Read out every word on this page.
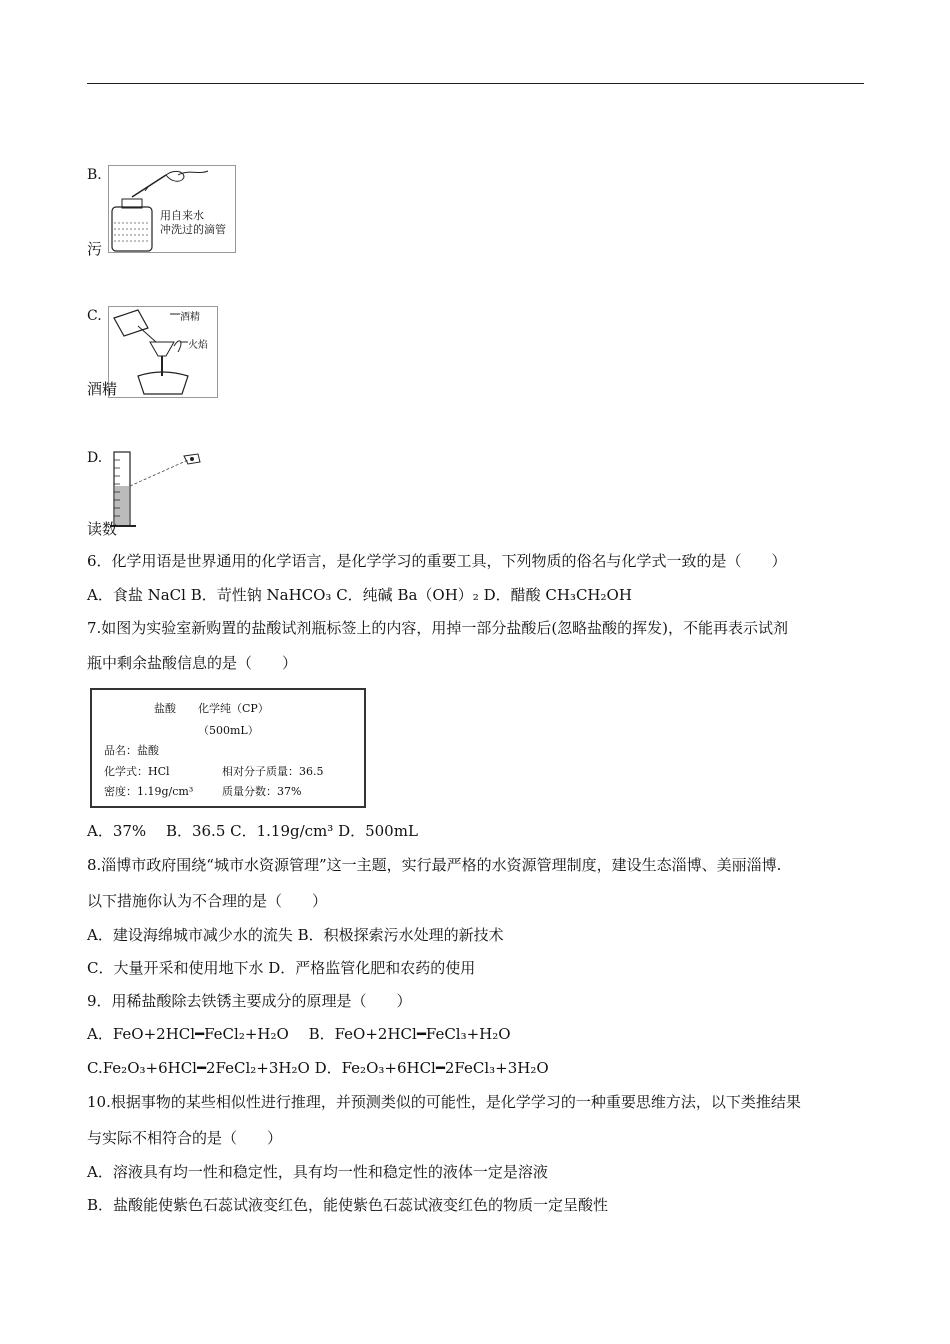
B.
用自来水
冲洗过的滴管
污
C.	酒精
火焰
酒精
D.
读数
6．化学用语是世界通用的化学语言，是化学学习的重要工具，下列物质的俗名与化学式一致的是（　　）
A．食盐 NaCl B．苛性钠 NaHCO₃ C．纯碱 Ba（OH）₂ D．醋酸 CH₃CH₂OH
7.如图为实验室新购置的盐酸试剂瓶标签上的内容，用掉一部分盐酸后(忽略盐酸的挥发)，不能再表示试剂
瓶中剩余盐酸信息的是（　　）
盐酸　　化学纯（CP）
（500mL）
品名：盐酸
化学式：HCl	相对分子质量：36.5
密度：1.19g/cm³	质量分数：37%
A．37%　 B．36.5 C．1.19g/cm³ D．500mL
8.淄博市政府围绕“城市水资源管理”这一主题，实行最严格的水资源管理制度，建设生态淄博、美丽淄博.
以下措施你认为不合理的是（　　）
A．建设海绵城市减少水的流失 B．积极探索污水处理的新技术
C．大量开采和使用地下水 D．严格监管化肥和农药的使用
9．用稀盐酸除去铁锈主要成分的原理是（　　）
A．FeO+2HCl━FeCl₂+H₂O　 B．FeO+2HCl━FeCl₃+H₂O
C.Fe₂O₃+6HCl━2FeCl₂+3H₂O D．Fe₂O₃+6HCl━2FeCl₃+3H₂O
10.根据事物的某些相似性进行推理，并预测类似的可能性，是化学学习的一种重要思维方法，以下类推结果
与实际不相符合的是（　　）
A．溶液具有均一性和稳定性，具有均一性和稳定性的液体一定是溶液
B．盐酸能使紫色石蕊试液变红色，能使紫色石蕊试液变红色的物质一定呈酸性
